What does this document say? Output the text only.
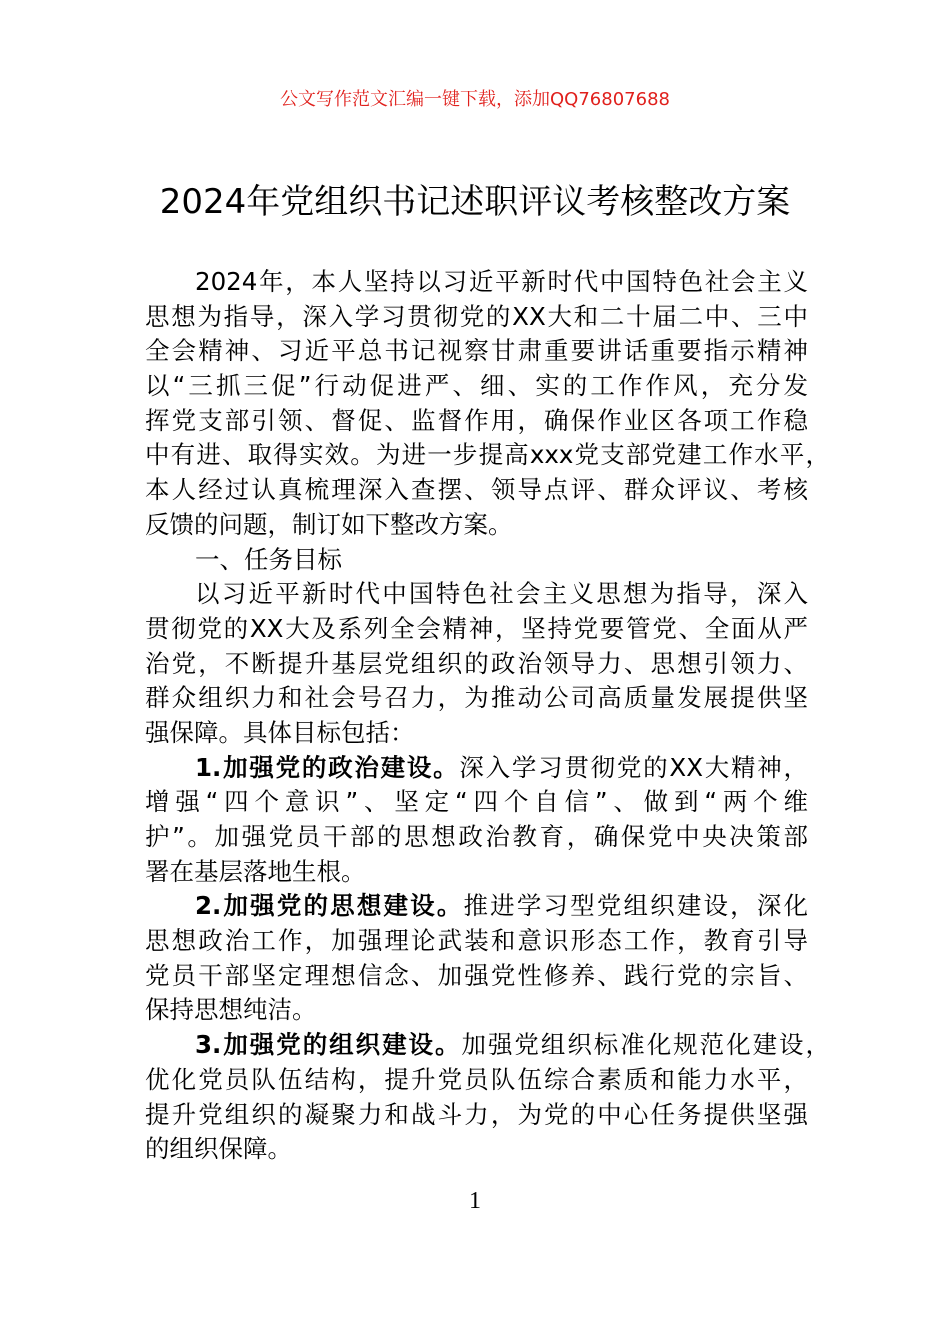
公文写作范文汇编一键下载，添加QQ76807688
2024年党组织书记述职评议考核整改方案
2024年，本人坚持以习近平新时代中国特色社会主义
思想为指导，深入学习贯彻党的XX大和二十届二中、三中
全会精神、习近平总书记视察甘肃重要讲话重要指示精神
以“三抓三促”行动促进严、细、实的工作作风，充分发
挥党支部引领、督促、监督作用，确保作业区各项工作稳
中有进、取得实效。为进一步提高xxx党支部党建工作水平，
本人经过认真梳理深入查摆、领导点评、群众评议、考核
反馈的问题，制订如下整改方案。
一、任务目标
以习近平新时代中国特色社会主义思想为指导，深入
贯彻党的XX大及系列全会精神，坚持党要管党、全面从严
治党，不断提升基层党组织的政治领导力、思想引领力、
群众组织力和社会号召力，为推动公司高质量发展提供坚
强保障。具体目标包括：
1.加强党的政治建设。深入学习贯彻党的XX大精神，
增强“四个意识”、坚定“四个自信”、做到“两个维
护”。加强党员干部的思想政治教育，确保党中央决策部
署在基层落地生根。
2.加强党的思想建设。推进学习型党组织建设，深化
思想政治工作，加强理论武装和意识形态工作，教育引导
党员干部坚定理想信念、加强党性修养、践行党的宗旨、
保持思想纯洁。
3.加强党的组织建设。加强党组织标准化规范化建设，
优化党员队伍结构，提升党员队伍综合素质和能力水平，
提升党组织的凝聚力和战斗力，为党的中心任务提供坚强
的组织保障。
1
